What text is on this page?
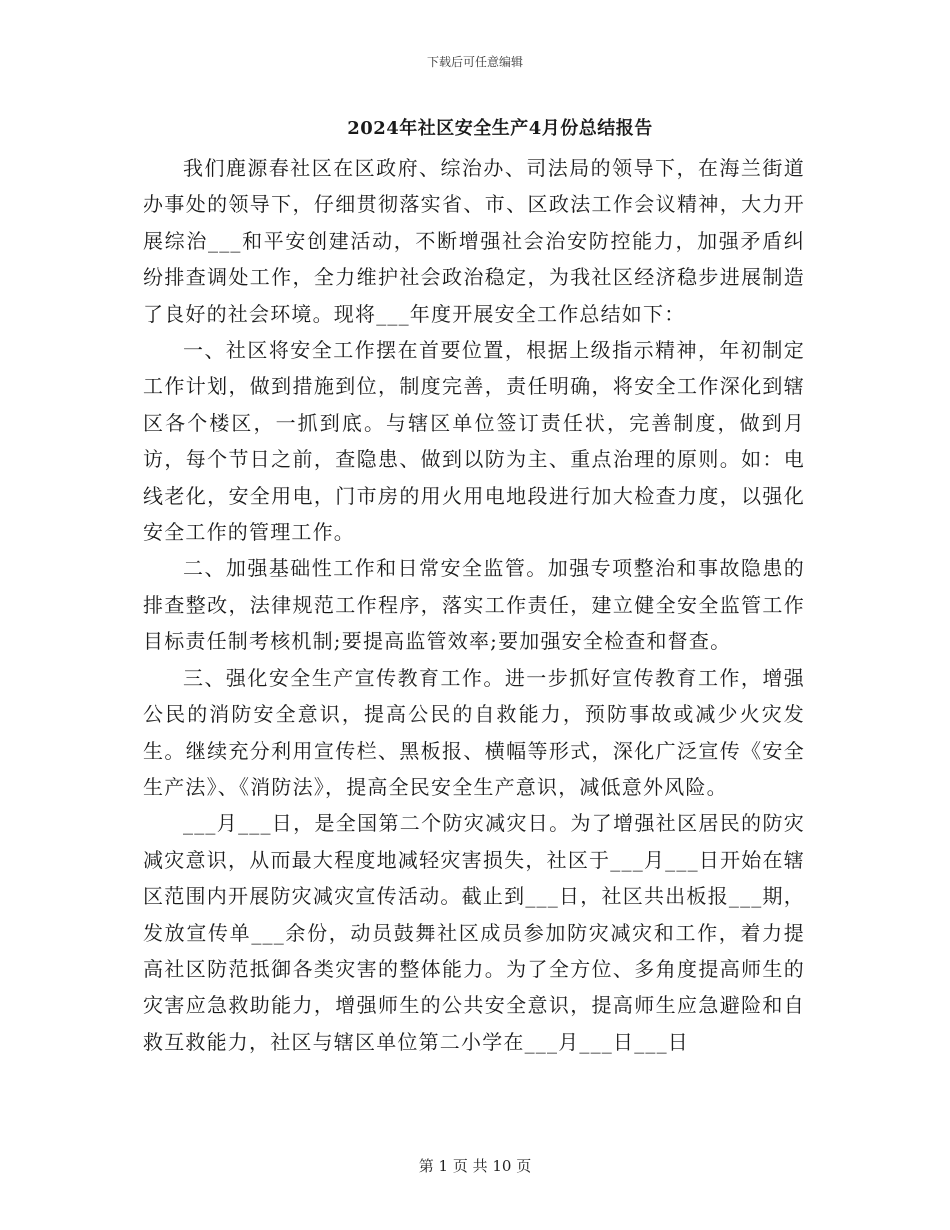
下载后可任意编辑
2024年社区安全生产4月份总结报告

我们鹿源春社区在区政府、综治办、司法局的领导下，在海兰街道办事处的领导下，仔细贯彻落实省、市、区政法工作会议精神，大力开展综治___和平安创建活动，不断增强社会治安防控能力，加强矛盾纠纷排查调处工作，全力维护社会政治稳定，为我社区经济稳步进展制造了良好的社会环境。现将___年度开展安全工作总结如下：

一、社区将安全工作摆在首要位置，根据上级指示精神，年初制定工作计划，做到措施到位，制度完善，责任明确，将安全工作深化到辖区各个楼区，一抓到底。与辖区单位签订责任状，完善制度，做到月访，每个节日之前，查隐患、做到以防为主、重点治理的原则。如：电线老化，安全用电，门市房的用火用电地段进行加大检查力度，以强化安全工作的管理工作。

二、加强基础性工作和日常安全监管。加强专项整治和事故隐患的排查整改，法律规范工作程序，落实工作责任，建立健全安全监管工作目标责任制考核机制;要提高监管效率;要加强安全检查和督查。

三、强化安全生产宣传教育工作。进一步抓好宣传教育工作，增强公民的消防安全意识，提高公民的自救能力，预防事故或减少火灾发生。继续充分利用宣传栏、黑板报、横幅等形式，深化广泛宣传《安全生产法》、《消防法》，提高全民安全生产意识，减低意外风险。

___月___日，是全国第二个防灾减灾日。为了增强社区居民的防灾减灾意识，从而最大程度地减轻灾害损失，社区于___月___日开始在辖区范围内开展防灾减灾宣传活动。截止到___日，社区共出板报___期，发放宣传单___余份，动员鼓舞社区成员参加防灾减灾和工作，着力提高社区防范抵御各类灾害的整体能力。为了全方位、多角度提高师生的灾害应急救助能力，增强师生的公共安全意识，提高师生应急避险和自救互救能力，社区与辖区单位第二小学在___月___日___日

第 1 页 共 10 页
